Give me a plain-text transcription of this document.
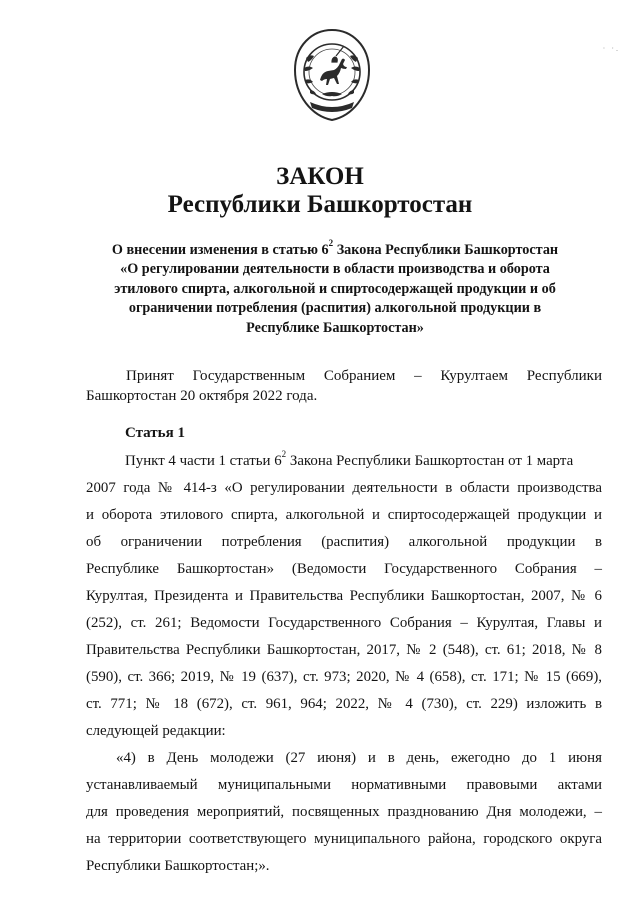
· ·.
ЗАКОН
Республики Башкортостан
О внесении изменения в статью $6^2$ Закона Республики Башкортостан
«О регулировании деятельности в области производства и оборота
этилового спирта, алкогольной и спиртосодержащей продукции и об
ограничении потребления (распития) алкогольной продукции в
Республике Башкортостан»

Принят Государственным Собранием – Курултаем Республики

Башкортостан 20 октября 2022 года.

Статья 1

Пункт 4 части 1 статьи $6^2$ Закона Республики Башкортостан от 1 марта

2007 года № 414-з «О регулировании деятельности в области производства

и оборота этилового спирта, алкогольной и спиртосодержащей продукции и

об ограничении потребления (распития) алкогольной продукции в

Республике Башкортостан» (Ведомости Государственного Собрания –

Курултая, Президента и Правительства Республики Башкортостан, 2007, № 6

(252), ст. 261; Ведомости Государственного Собрания – Курултая, Главы и

Правительства Республики Башкортостан, 2017, № 2 (548), ст. 61; 2018, № 8

(590), ст. 366; 2019, № 19 (637), ст. 973; 2020, № 4 (658), ст. 171; № 15 (669),

ст. 771; № 18 (672), ст. 961, 964; 2022, № 4 (730), ст. 229) изложить в

следующей редакции:

«4) в День молодежи (27 июня) и в день, ежегодно до 1 июня

устанавливаемый муниципальными нормативными правовыми актами

для проведения мероприятий, посвященных празднованию Дня молодежи, –

на территории соответствующего муниципального района, городского округа

Республики Башкортостан;».
